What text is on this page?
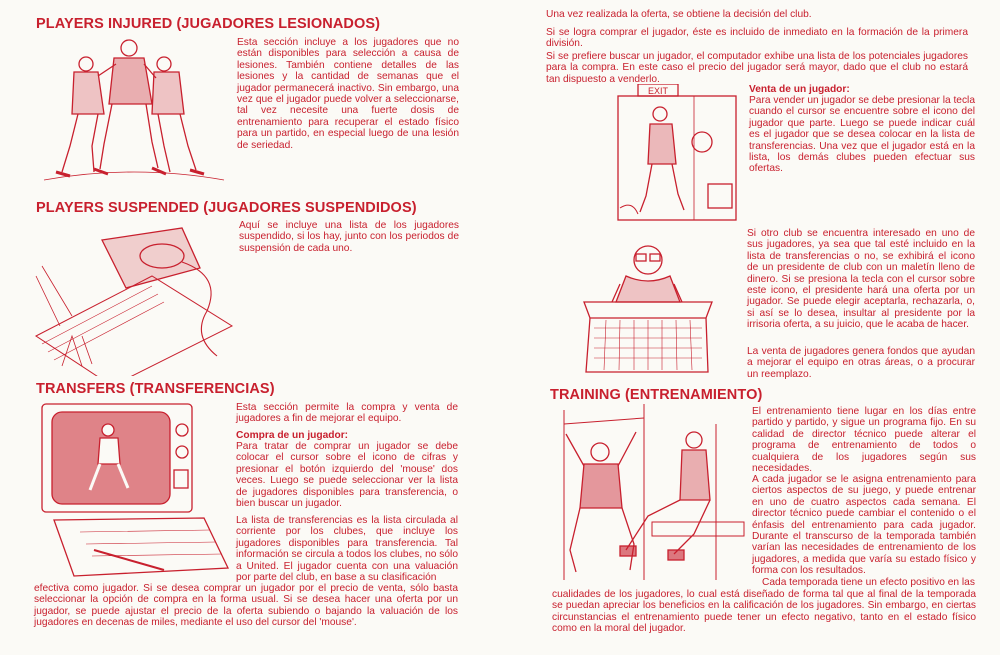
PLAYERS INJURED (JUGADORES LESIONADOS)

Esta sección incluye a los jugadores que no están disponibles para selección a causa de lesiones. También contiene detalles de las lesiones y la cantidad de semanas que el jugador permanecerá inactivo. Sin embargo, una vez que el jugador puede volver a seleccionarse, tal vez necesite una fuerte dosis de entrenamiento para recuperar el estado físico para un partido, en especial luego de una lesión de seriedad.

PLAYERS SUSPENDED (JUGADORES SUSPENDIDOS)

Aquí se incluye una lista de los jugadores suspendido, si los hay, junto con los periodos de suspensión de cada uno.

TRANSFERS (TRANSFERENCIAS)

Esta sección permite la compra y venta de jugadores a fin de mejorar el equipo.

Compra de un jugador:

Para tratar de comprar un jugador se debe colocar el cursor sobre el icono de cifras y presionar el botón izquierdo del 'mouse' dos veces. Luego se puede seleccionar ver la lista de jugadores disponibles para transferencia, o bien buscar un jugador.

La lista de transferencias es la lista circulada al corriente por los clubes, que incluye los jugadores disponibles para transferencia. Tal información se circula a todos los clubes, no sólo a United. El jugador cuenta con una valuación por parte del club, en base a su clasificación

efectiva como jugador. Si se desea comprar un jugador por el precio de venta, sólo basta seleccionar la opción de compra en la forma usual. Si se desea hacer una oferta por un jugador, se puede ajustar el precio de la oferta subiendo o bajando la valuación de los jugadores en decenas de miles, mediante el uso del cursor del 'mouse'.

Una vez realizada la oferta, se obtiene la decisión del club.

Si se logra comprar el jugador, éste es incluido de inmediato en la formación de la primera división.

Si se prefiere buscar un jugador, el computador exhibe una lista de los potenciales jugadores para la compra. En este caso el precio del jugador será mayor, dado que el club no estará tan dispuesto a venderlo.

EXIT	Venta de un jugador:

Para vender un jugador se debe presionar la tecla cuando el cursor se encuentre sobre el icono del jugador que parte. Luego se puede indicar cuál es el jugador que se desea colocar en la lista de transferencias. Una vez que el jugador está en la lista, los demás clubes pueden efectuar sus ofertas.

Si otro club se encuentra interesado en uno de sus jugadores, ya sea que tal esté incluido en la lista de transferencias o no, se exhibirá el icono de un presidente de club con un maletín lleno de dinero. Si se presiona la tecla con el cursor sobre este icono, el presidente hará una oferta por un jugador. Se puede elegir aceptarla, rechazarla, o, si así se lo desea, insultar al presidente por la irrisoria oferta, a su juicio, que le acaba de hacer.

La venta de jugadores genera fondos que ayudan a mejorar el equipo en otras áreas, o a procurar un reemplazo.

TRAINING (ENTRENAMIENTO)

El entrenamiento tiene lugar en los días entre partido y partido, y sigue un programa fijo. En su calidad de director técnico puede alterar el programa de entrenamiento de todos o cualquiera de los jugadores según sus necesidades.

A cada jugador se le asigna entrenamiento para ciertos aspectos de su juego, y puede entrenar en uno de cuatro aspectos cada semana. El director técnico puede cambiar el contenido o el énfasis del entrenamiento para cada jugador. Durante el transcurso de la temporada también varían las necesidades de entrenamiento de los jugadores, a medida que varía su estado físico y forma con los resultados.

Cada temporada tiene un efecto positivo en las

cualidades de los jugadores, lo cual está diseñado de forma tal que al final de la temporada se puedan apreciar los beneficios en la calificación de los jugadores. Sin embargo, en ciertas circunstancias el entrenamiento puede tener un efecto negativo, tanto en el estado físico como en la moral del jugador.
